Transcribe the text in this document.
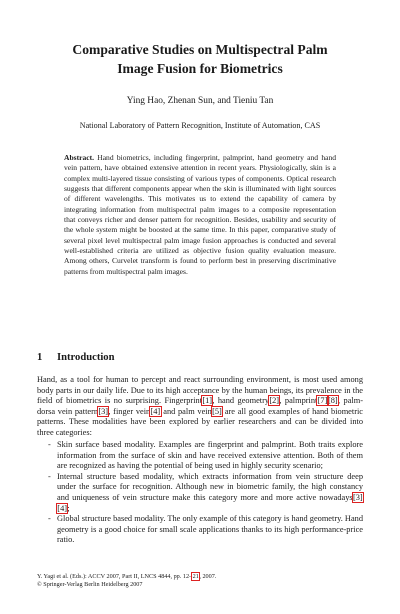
Comparative Studies on Multispectral Palm
Image Fusion for Biometrics
Ying Hao, Zhenan Sun, and Tieniu Tan
National Laboratory of Pattern Recognition, Institute of Automation, CAS
Abstract. Hand biometrics, including fingerprint, palmprint, hand geometry and hand vein pattern, have obtained extensive attention in recent years. Physiologically, skin is a complex multi-layered tissue consisting of various types of components. Optical research suggests that different components appear when the skin is illuminated with light sources of different wavelengths. This motivates us to extend the capability of camera by integrating information from multispectral palm images to a composite representation that conveys richer and denser pattern for recognition. Besides, usability and security of the whole system might be boosted at the same time. In this paper, comparative study of several pixel level multispectral palm image fusion approaches is conducted and several well-established criteria are utilized as objective fusion quality evaluation measure. Among others, Curvelet transform is found to perform best in preserving discriminative patterns from multispectral palm images.
1 Introduction

Hand, as a tool for human to percept and react surrounding environment, is most used among body parts in our daily life. Due to its high acceptance by the human beings, its prevalence in the field of biometrics is no surprising. Fingerprint[1], hand geometry[2], palmprint[7][8], palm-dorsa vein pattern[3], finger vein[4] and palm vein[5] are all good examples of hand biometric patterns. These modalities have been explored by earlier researchers and can be divided into three categories:

- Skin surface based modality. Examples are fingerprint and palmprint. Both traits explore information from the surface of skin and have received extensive attention. Both of them are recognized as having the potential of being used in highly security scenario;
- Internal structure based modality, which extracts information from vein structure deep under the surface for recognition. Although new in biometric family, the high constancy and uniqueness of vein structure make this category more and more active nowadays[3][4];
- Global structure based modality. The only example of this category is hand geometry. Hand geometry is a good choice for small scale applications thanks to its high performance-price ratio.
Y. Yagi et al. (Eds.): ACCV 2007, Part II, LNCS 4844, pp. 12–21, 2007.
© Springer-Verlag Berlin Heidelberg 2007
